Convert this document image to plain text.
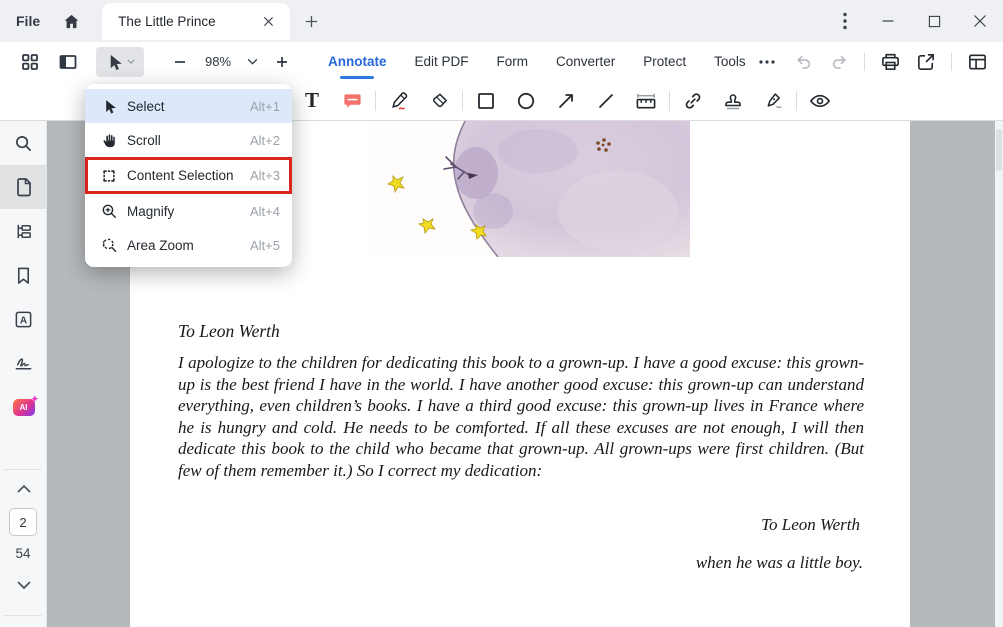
File	The Little Prince
98%	Annotate Edit PDF Form Converter Protect Tools
T
A
AI
✦
2
54
To Leon Werth
I apologize to the children for dedicating this book to a grown-up. I have a good excuse: this grown-up is the best friend I have in the world. I have another good excuse: this grown-up can understand everything, even children’s books. I have a third good excuse: this grown-up lives in France where he is hungry and cold. He needs to be comforted. If all these excuses are not enough, I will then dedicate this book to the child who became that grown-up. All grown-ups were first children. (But few of them remember it.) So I correct my dedication:
To Leon Werth
when he was a little boy.
Select	Alt+1
Scroll	Alt+2
Content Selection	Alt+3
Magnify	Alt+4
Area Zoom	Alt+5
